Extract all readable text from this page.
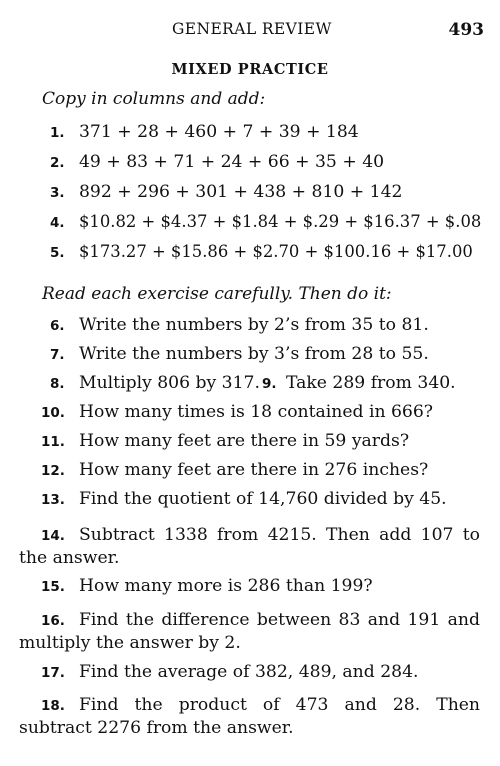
GENERAL REVIEW	493
MIXED PRACTICE
Copy in columns and add:
1. 371 + 28 + 460 + 7 + 39 + 184
2. 49 + 83 + 71 + 24 + 66 + 35 + 40
3. 892 + 296 + 301 + 438 + 810 + 142
4. $10.82 + $4.37 + $1.84 + $.29 + $16.37 + $.08
5. $173.27 + $15.86 + $2.70 + $100.16 + $17.00
Read each exercise carefully. Then do it:
6. Write the numbers by 2’s from 35 to 81.
7. Write the numbers by 3’s from 28 to 55.
8. Multiply 806 by 317. 9. Take 289 from 340.
10. How many times is 18 contained in 666?
11. How many feet are there in 59 yards?
12. How many feet are there in 276 inches?
13. Find the quotient of 14,760 divided by 45.
14. Subtract 1338 from 4215. Then add 107 to
the answer.
15. How many more is 286 than 199?
16. Find the difference between 83 and 191 and
multiply the answer by 2.
17. Find the average of 382, 489, and 284.
18. Find the product of 473 and 28. Then
subtract 2276 from the answer.
